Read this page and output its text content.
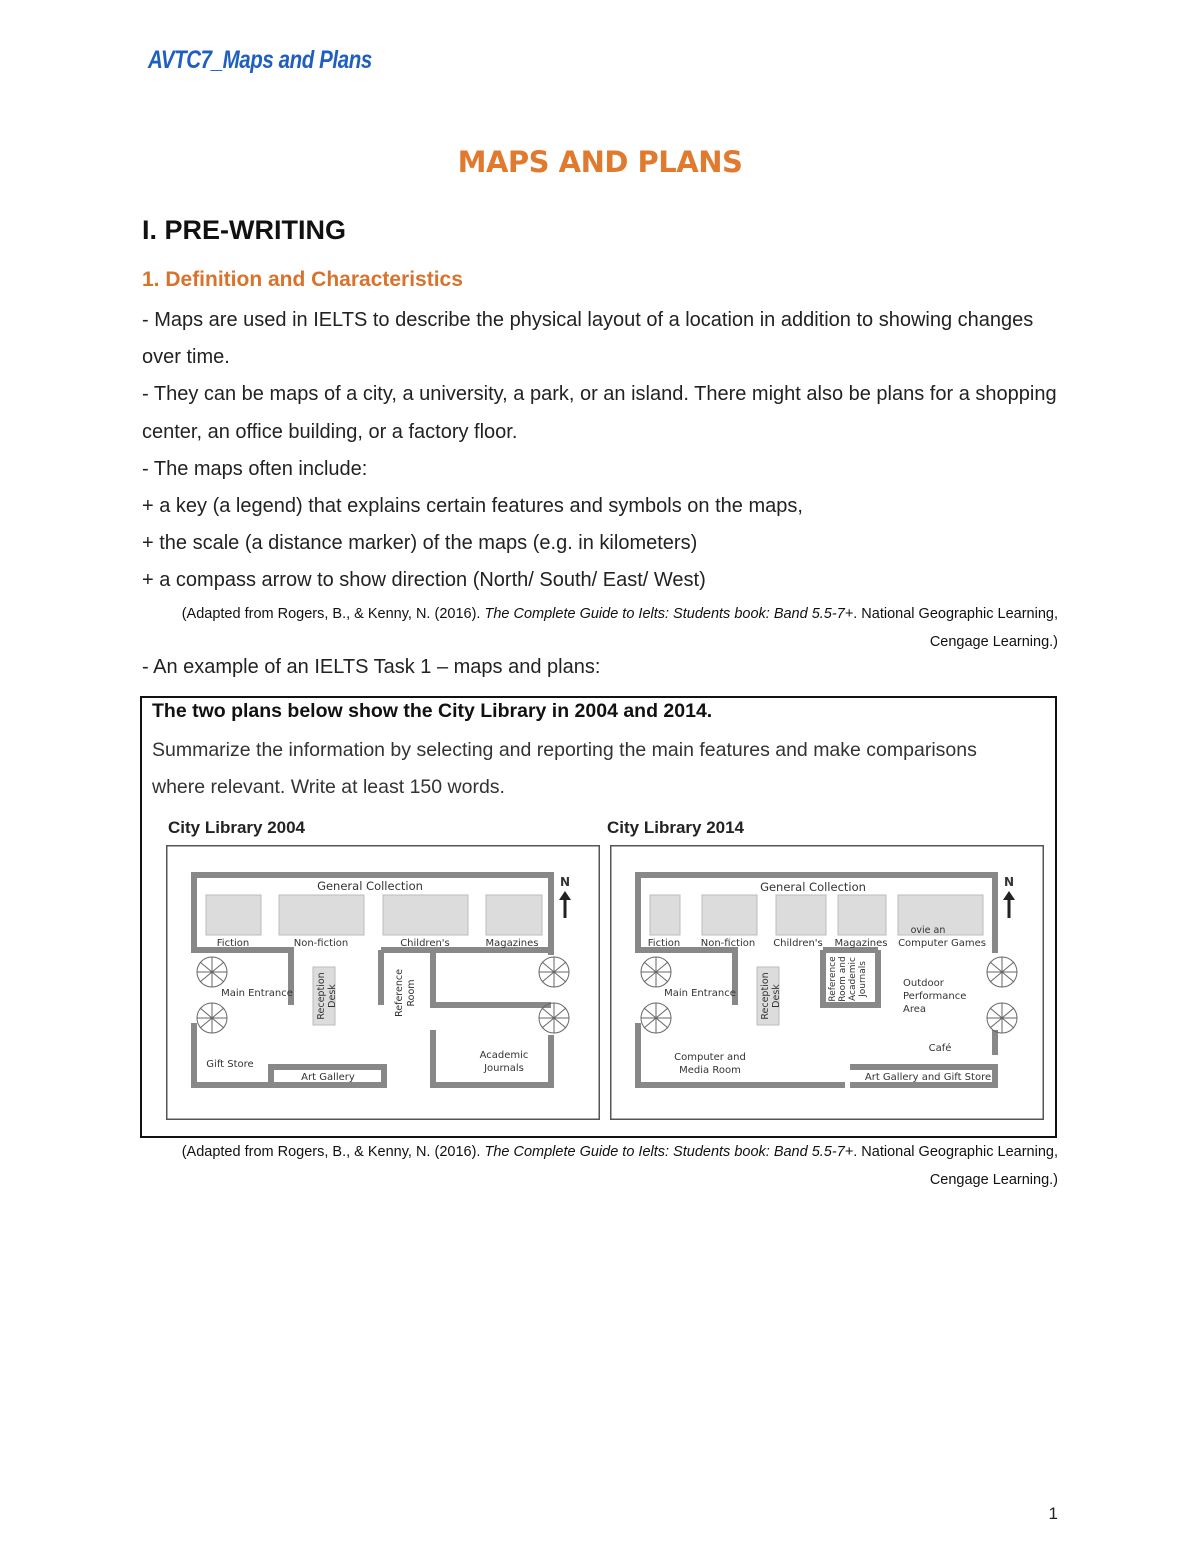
AVTC7_Maps and Plans
MAPS AND PLANS
I. PRE-WRITING
1. Definition and Characteristics

- Maps are used in IELTS to describe the physical layout of a location in addition to showing changes over time.

- They can be maps of a city, a university, a park, or an island. There might also be plans for a shopping center, an office building, or a factory floor.

- The maps often include:

+ a key (a legend) that explains certain features and symbols on the maps,

+ the scale (a distance marker) of the maps (e.g. in kilometers)

+ a compass arrow to show direction (North/ South/ East/ West)

(Adapted from Rogers, B., & Kenny, N. (2016). The Complete Guide to Ielts: Students book: Band 5.5-7+. National Geographic Learning, Cengage Learning.)

- An example of an IELTS Task 1 – maps and plans:

The two plans below show the City Library in 2004 and 2014.

Summarize the information by selecting and reporting the main features and make comparisons where relevant. Write at least 150 words.

City Library 2004	City Library 2014

N
General Collection
Fiction	Non-fiction	Children's	Magazines
Main Entrance Reception Desk	Reference Room
Gift Store
Art Gallery
Academic
Journals
N
General Collection
Fiction Non-fiction Children's Magazines
ovie an
Computer Games
Main Entrance	Reception Desk	Reference Room and Academic Journals	Outdoor
Performance
Area
Café
Computer and
Media Room
Art Gallery and Gift Store

(Adapted from Rogers, B., & Kenny, N. (2016). The Complete Guide to Ielts: Students book: Band 5.5-7+. National Geographic Learning, Cengage Learning.)

1
